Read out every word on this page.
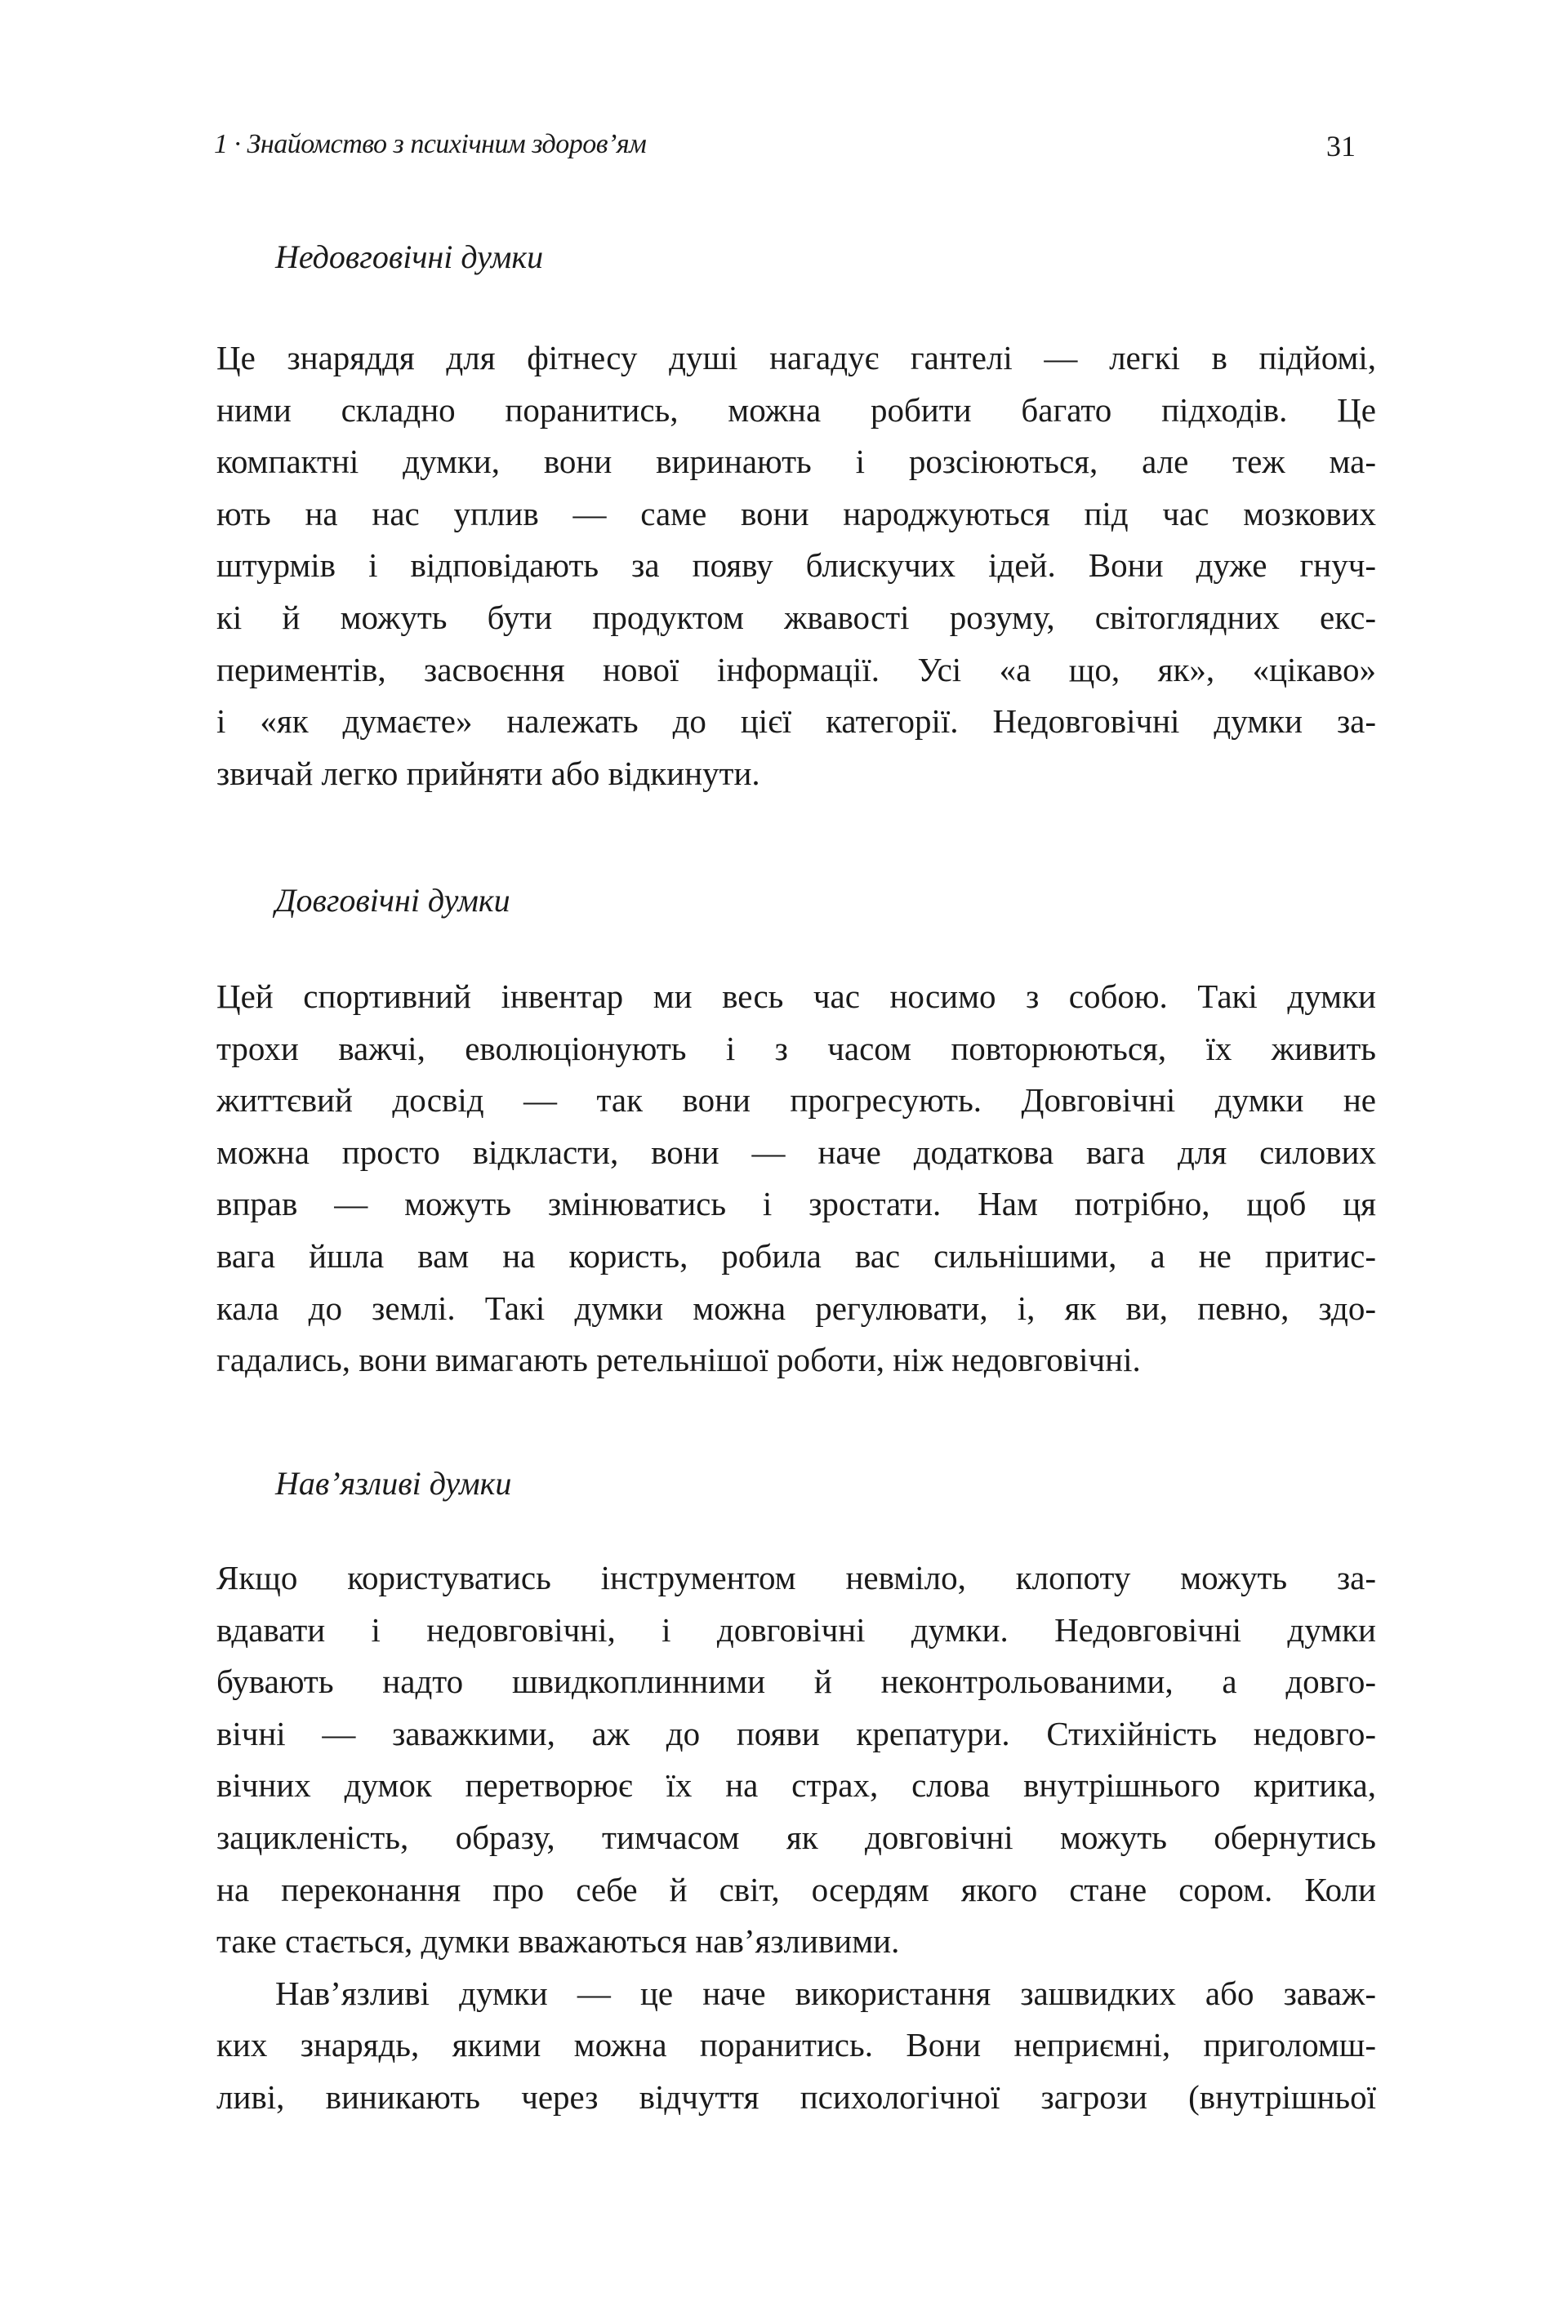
1 · Знайомство з психічним здоров’ям	31
Недовговічні думки
Це знаряддя для фітнесу душі нагадує гантелі — легкі в підйомі,
ними складно поранитись, можна робити багато підходів. Це
компактні думки, вони виринають і розсіюються, але теж ма-
ють на нас уплив — саме вони народжуються під час мозкових
штурмів і відповідають за появу блискучих ідей. Вони дуже гнуч-
кі й можуть бути продуктом жвавості розуму, світоглядних екс-
периментів, засвоєння нової інформації. Усі «а що, як», «цікаво»
і «як думаєте» належать до цієї категорії. Недовговічні думки за-
звичай легко прийняти або відкинути.
Довговічні думки
Цей спортивний інвентар ми весь час носимо з собою. Такі думки
трохи важчі, еволюціонують і з часом повторюються, їх живить
життєвий досвід — так вони прогресують. Довговічні думки не
можна просто відкласти, вони — наче додаткова вага для силових
вправ — можуть змінюватись і зростати. Нам потрібно, щоб ця
вага йшла вам на користь, робила вас сильнішими, а не притис-
кала до землі. Такі думки можна регулювати, і, як ви, певно, здо-
гадались, вони вимагають ретельнішої роботи, ніж недовговічні.
Нав’язливі думки
Якщо користуватись інструментом невміло, клопоту можуть за-
вдавати і недовговічні, і довговічні думки. Недовговічні думки
бувають надто швидкоплинними й неконтрольованими, а довго-
вічні — заважкими, аж до появи крепатури. Стихійність недовго-
вічних думок перетворює їх на страх, слова внутрішнього критика,
зацикленість, образу, тимчасом як довговічні можуть обернутись
на переконання про себе й світ, осердям якого стане сором. Коли
таке стається, думки вважаються нав’язливими.
Нав’язливі думки — це наче використання зашвидких або заваж-
ких знарядь, якими можна поранитись. Вони неприємні, приголомш-
ливі, виникають через відчуття психологічної загрози (внутрішньої
